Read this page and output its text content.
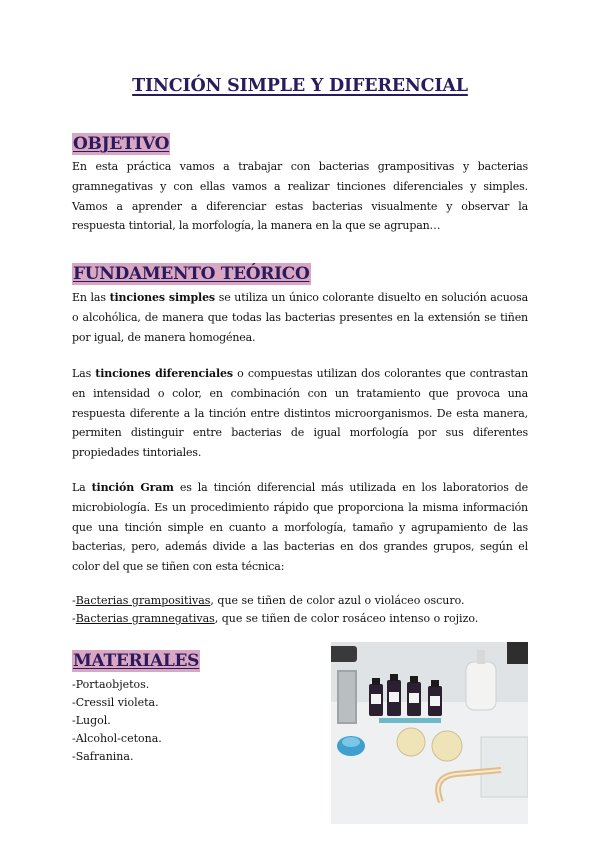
TINCIÓN SIMPLE Y DIFERENCIAL
OBJETIVO
En esta práctica vamos a trabajar con bacterias grampositivas y bacterias gramnegativas y con ellas vamos a realizar tinciones diferenciales y simples. Vamos a aprender a diferenciar estas bacterias visualmente y observar la respuesta tintorial, la morfología, la manera en la que se agrupan…
FUNDAMENTO TEÓRICO
En las tinciones simples se utiliza un único colorante disuelto en solución acuosa o alcohólica, de manera que todas las bacterias presentes en la extensión se tiñen por igual, de manera homogénea.
Las tinciones diferenciales o compuestas utilizan dos colorantes que contrastan en intensidad o color, en combinación con un tratamiento que provoca una respuesta diferente a la tinción entre distintos microorganismos. De esta manera, permiten distinguir entre bacterias de igual morfología por sus diferentes propiedades tintoriales.
La tinción Gram es la tinción diferencial más utilizada en los laboratorios de microbiología. Es un procedimiento rápido que proporciona la misma información que una tinción simple en cuanto a morfología, tamaño y agrupamiento de las bacterias, pero, además divide a las bacterias en dos grandes grupos, según el color del que se tiñen con esta técnica:
-Bacterias grampositivas, que se tiñen de color azul o violáceo oscuro.
-Bacterias gramnegativas, que se tiñen de color rosáceo intenso o rojizo.
MATERIALES
-Portaobjetos.
-Cressil violeta.
-Lugol.
-Alcohol-cetona.
-Safranina.
